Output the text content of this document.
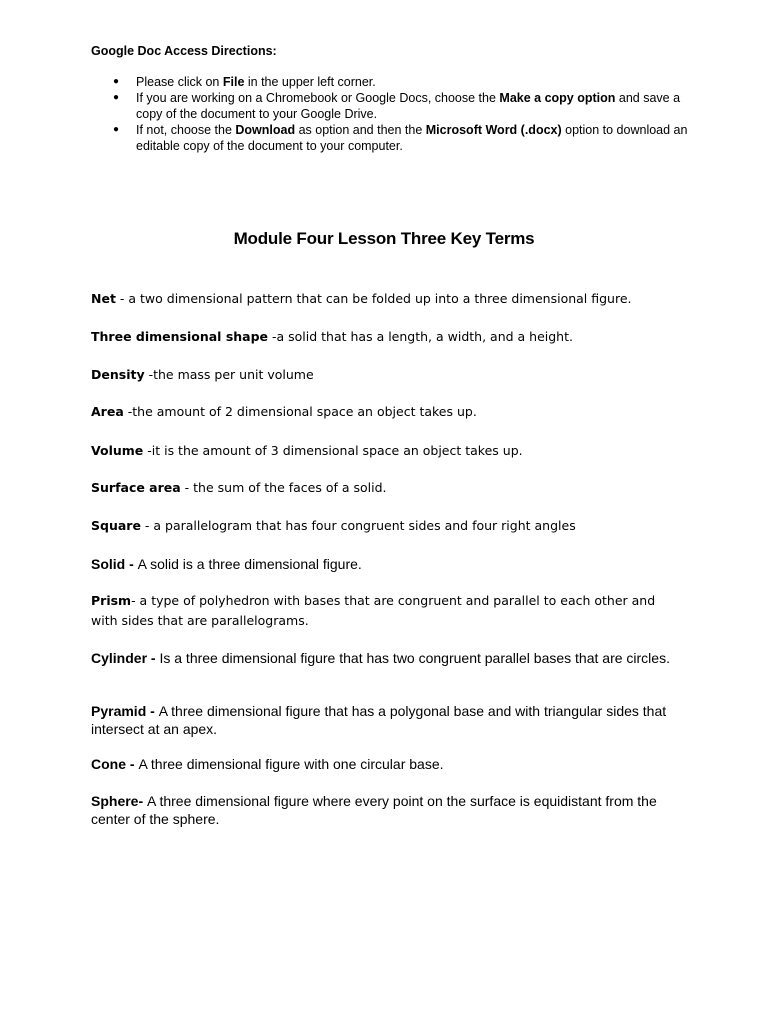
Google Doc Access Directions:

● Please click on File in the upper left corner.
● If you are working on a Chromebook or Google Docs, choose the Make a copy option and save a copy of the document to your Google Drive.
● If not, choose the Download as option and then the Microsoft Word (.docx) option to download an editable copy of the document to your computer.
Module Four Lesson Three Key Terms

Net - a two dimensional pattern that can be folded up into a three dimensional figure.

Three dimensional shape -a solid that has a length, a width, and a height.

Density -the mass per unit volume

Area -the amount of 2 dimensional space an object takes up.

Volume -it is the amount of 3 dimensional space an object takes up.

Surface area - the sum of the faces of a solid.

Square - a parallelogram that has four congruent sides and four right angles

Solid - A solid is a three dimensional figure.

Prism- a type of polyhedron with bases that are congruent and parallel to each other and with sides that are parallelograms.

Cylinder - Is a three dimensional figure that has two congruent parallel bases that are circles.

Pyramid - A three dimensional figure that has a polygonal base and with triangular sides that intersect at an apex.

Cone - A three dimensional figure with one circular base.

Sphere- A three dimensional figure where every point on the surface is equidistant from the center of the sphere.
